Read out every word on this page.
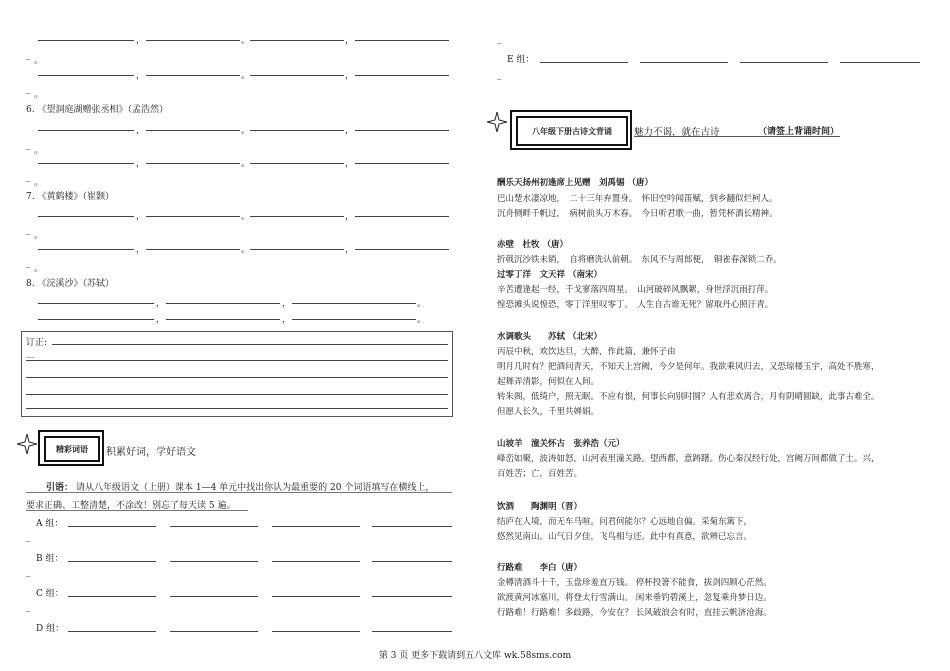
，	。	，
_
。
，	。	，
_
。
6. 《望洞庭湖赠张丞相》（孟浩然）
，	。	，
_
。
，	。	，
_
。
7. 《黄鹤楼》（崔颢）
，	。	，
_
。
，	。	，
_
。
8. 《浣溪沙》（苏轼）
，	，	。
，	，	。
订正:
—
精彩词语	积累好词，学好语文
引语： 请从八年级语文（上册）课本 1—4 单元中找出你认为最重要的 20 个词语填写在横线上，
要求正确、工整清楚，不涂改！别忘了每天读 5 遍。
A 组：
_
B 组：
_
C 组：
_
D 组：
_
E 组：
_
八年级下册古诗文背诵	魅力不谒，就在古诗	（请签上背诵时间）
酬乐天扬州初逢席上见赠　刘禹锡 （唐）
巴山楚水凄凉地，　二十三年弃置身。　怀旧空吟闻笛赋，到乡翻似烂柯人。
沉舟侧畔千帆过，　病树前头万木春。　今日听君歌一曲，暂凭杯酒长精神。
赤壁　杜牧 （唐）
折戟沉沙铁未销，　自将磨洗认前朝。　东风不与周郎便，　铜雀春深锁二乔。
过零丁洋　文天祥 （南宋）
辛苦遭逢起一经，千戈寥落四周星。　山河破碎风飘絮，身世浮沉雨打萍。
惶恐滩头说惶恐，零丁洋里叹零丁。　人生自古谁无死？留取丹心照汗青。
水调歌头　　苏轼 （北宋）
丙辰中秋，欢饮达旦，大醉，作此篇，兼怀子由
明月几时有？把酒问青天，不知天上宫阙，今夕是何年。我欲乘风归去，又恐琼楼玉宇，高处不胜寒，
起舞弄清影，何似在人间。
转朱阁，低绮户，照无眠。不应有恨，何事长向别时圆？人有悲欢离合，月有阴晴圆缺，此事古难全。
但愿人长久，千里共婵娟。
山坡羊　潼关怀古　张养浩（元）
峰峦如聚，波涛如怒，山河表里潼关路。望西都，意踌躇。伤心秦汉经行处，宫阙万间都做了土。兴，
百姓苦；亡，百姓苦。
饮酒　　陶渊明（晋）
结庐在人境，而无车马喧。问君何能尔？心远地自偏。采菊东篱下，
悠然见南山。山气日夕佳，飞鸟相与还。此中有真意，欲辨已忘言。
行路难　　李白（唐）
金樽清酒斗十千，玉盘珍羞直万钱。 停杯投箸不能食，拔剑四顾心茫然。
欲渡黄河冰塞川，将登太行雪满山。 闲来垂钓碧溪上，忽复乘舟梦日边。
行路难！行路难！多歧路，今安在？ 长风破浪会有时，直挂云帆济沧海。
第 3 页 更多下载请到五八文库 wk.58sms.com
